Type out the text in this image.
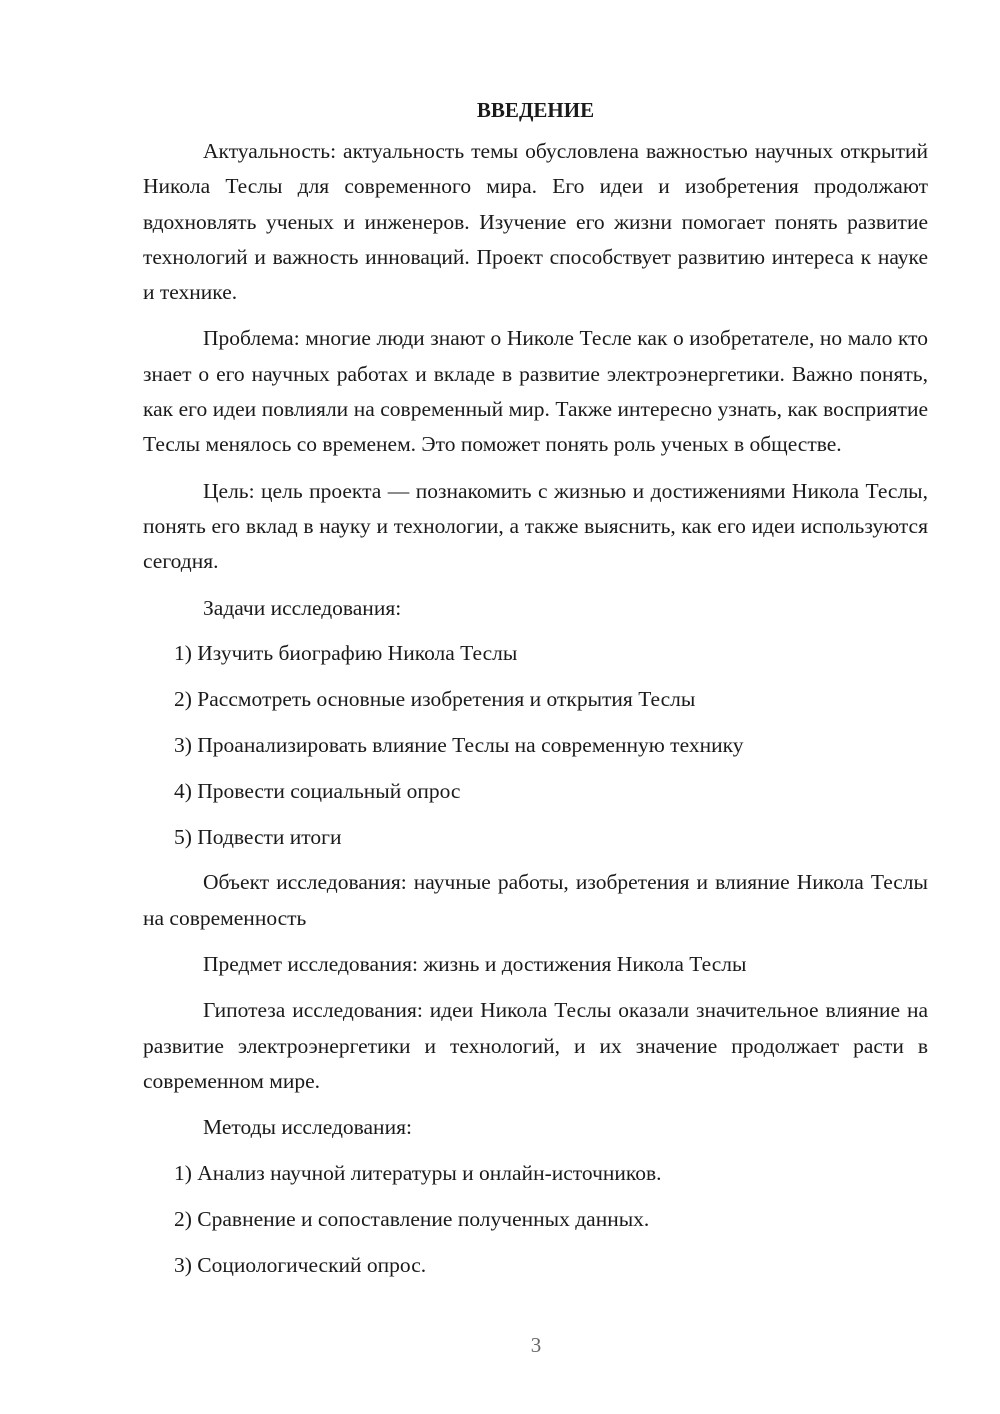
ВВЕДЕНИЕ

Актуальность: актуальность темы обусловлена важностью научных открытий Никола Теслы для современного мира. Его идеи и изобретения продолжают вдохновлять ученых и инженеров. Изучение его жизни помогает понять развитие технологий и важность инноваций. Проект способствует развитию интереса к науке и технике.

Проблема: многие люди знают о Николе Тесле как о изобретателе, но мало кто знает о его научных работах и вкладе в развитие электроэнергетики. Важно понять, как его идеи повлияли на современный мир. Также интересно узнать, как восприятие Теслы менялось со временем. Это поможет понять роль ученых в обществе.

Цель: цель проекта — познакомить с жизнью и достижениями Никола Теслы, понять его вклад в науку и технологии, а также выяснить, как его идеи используются сегодня.

Задачи исследования:

1) Изучить биографию Никола Теслы

2) Рассмотреть основные изобретения и открытия Теслы

3) Проанализировать влияние Теслы на современную технику

4) Провести социальный опрос

5) Подвести итоги

Объект исследования: научные работы, изобретения и влияние Никола Теслы на современность

Предмет исследования: жизнь и достижения Никола Теслы

Гипотеза исследования: идеи Никола Теслы оказали значительное влияние на развитие электроэнергетики и технологий, и их значение продолжает расти в современном мире.

Методы исследования:

1) Анализ научной литературы и онлайн-источников.

2) Сравнение и сопоставление полученных данных.

3) Социологический опрос.

3
